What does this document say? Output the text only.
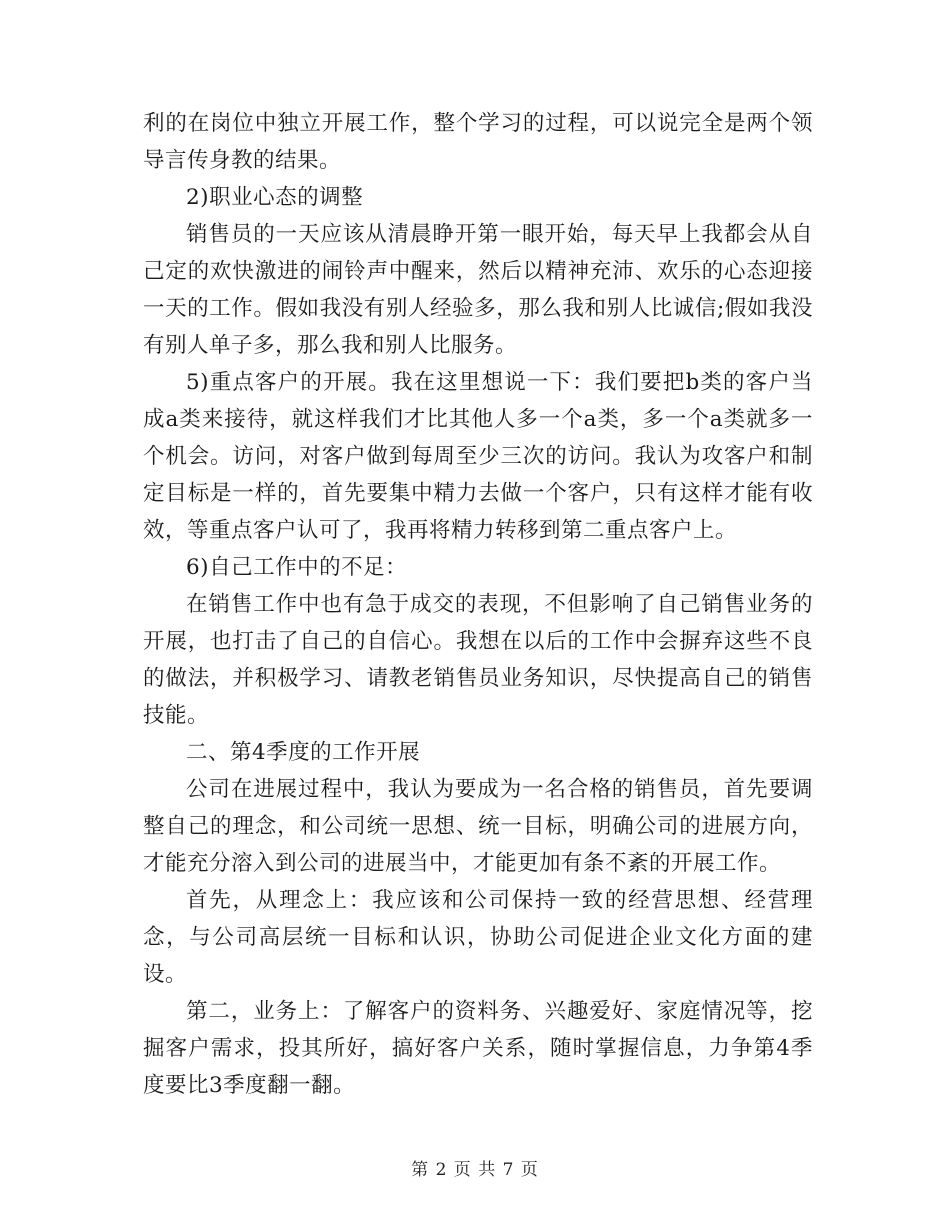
利的在岗位中独立开展工作，整个学习的过程，可以说完全是两个领导言传身教的结果。

2)职业心态的调整

销售员的一天应该从清晨睁开第一眼开始，每天早上我都会从自己定的欢快激进的闹铃声中醒来，然后以精神充沛、欢乐的心态迎接一天的工作。假如我没有别人经验多，那么我和别人比诚信;假如我没有别人单子多，那么我和别人比服务。

5)重点客户的开展。我在这里想说一下：我们要把b类的客户当成a类来接待，就这样我们才比其他人多一个a类，多一个a类就多一个机会。访问，对客户做到每周至少三次的访问。我认为攻客户和制定目标是一样的，首先要集中精力去做一个客户，只有这样才能有收效，等重点客户认可了，我再将精力转移到第二重点客户上。

6)自己工作中的不足：

在销售工作中也有急于成交的表现，不但影响了自己销售业务的开展，也打击了自己的自信心。我想在以后的工作中会摒弃这些不良的做法，并积极学习、请教老销售员业务知识，尽快提高自己的销售技能。

二、第4季度的工作开展

公司在进展过程中，我认为要成为一名合格的销售员，首先要调整自己的理念，和公司统一思想、统一目标，明确公司的进展方向，才能充分溶入到公司的进展当中，才能更加有条不紊的开展工作。

首先，从理念上：我应该和公司保持一致的经营思想、经营理念，与公司高层统一目标和认识，协助公司促进企业文化方面的建设。

第二，业务上：了解客户的资料务、兴趣爱好、家庭情况等，挖掘客户需求，投其所好，搞好客户关系，随时掌握信息，力争第4季度要比3季度翻一翻。

第 2 页 共 7 页
